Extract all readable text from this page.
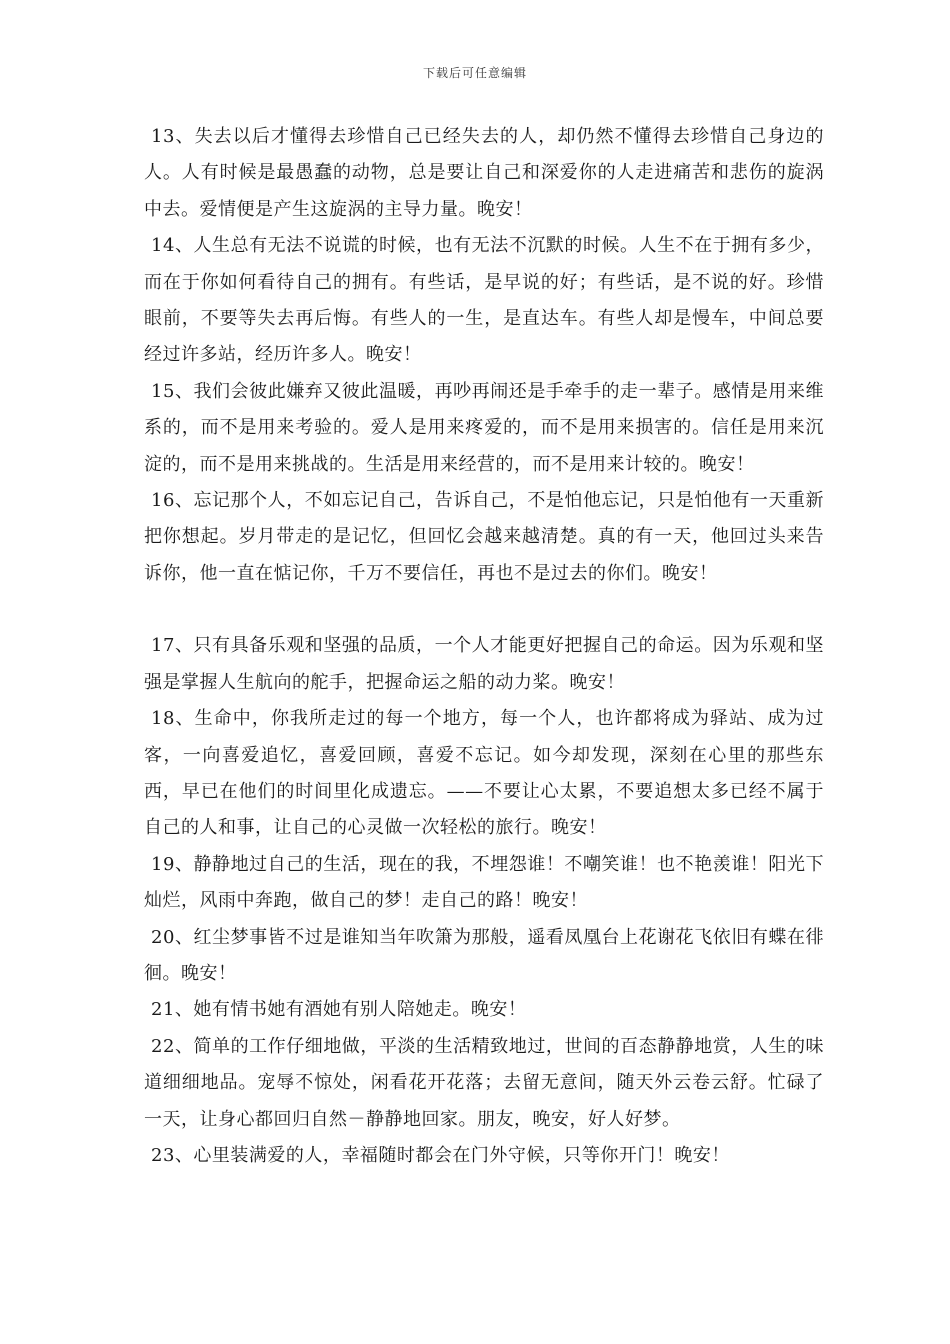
下载后可任意编辑

13、失去以后才懂得去珍惜自己已经失去的人，却仍然不懂得去珍惜自己身边的人。人有时候是最愚蠢的动物，总是要让自己和深爱你的人走进痛苦和悲伤的旋涡中去。爱情便是产生这旋涡的主导力量。晚安！

14、人生总有无法不说谎的时候，也有无法不沉默的时候。人生不在于拥有多少，而在于你如何看待自己的拥有。有些话，是早说的好；有些话，是不说的好。珍惜眼前，不要等失去再后悔。有些人的一生，是直达车。有些人却是慢车，中间总要经过许多站，经历许多人。晚安！

15、我们会彼此嫌弃又彼此温暖，再吵再闹还是手牵手的走一辈子。感情是用来维系的，而不是用来考验的。爱人是用来疼爱的，而不是用来损害的。信任是用来沉淀的，而不是用来挑战的。生活是用来经营的，而不是用来计较的。晚安！

16、忘记那个人，不如忘记自己，告诉自己，不是怕他忘记，只是怕他有一天重新把你想起。岁月带走的是记忆，但回忆会越来越清楚。真的有一天，他回过头来告诉你，他一直在惦记你，千万不要信任，再也不是过去的你们。晚安！

17、只有具备乐观和坚强的品质，一个人才能更好把握自己的命运。因为乐观和坚强是掌握人生航向的舵手，把握命运之船的动力桨。晚安！

18、生命中，你我所走过的每一个地方，每一个人，也许都将成为驿站、成为过客，一向喜爱追忆，喜爱回顾，喜爱不忘记。如今却发现，深刻在心里的那些东西，早已在他们的时间里化成遗忘。——不要让心太累，不要追想太多已经不属于自己的人和事，让自己的心灵做一次轻松的旅行。晚安！

19、静静地过自己的生活，现在的我，不埋怨谁！不嘲笑谁！也不艳羡谁！阳光下灿烂，风雨中奔跑，做自己的梦！走自己的路！晚安！

20、红尘梦事皆不过是谁知当年吹箫为那般，遥看凤凰台上花谢花飞依旧有蝶在徘徊。晚安！

21、她有情书她有酒她有别人陪她走。晚安！

22、简单的工作仔细地做，平淡的生活精致地过，世间的百态静静地赏，人生的味道细细地品。宠辱不惊处，闲看花开花落；去留无意间，随天外云卷云舒。忙碌了一天，让身心都回归自然－静静地回家。朋友，晚安，好人好梦。

23、心里装满爱的人，幸福随时都会在门外守候，只等你开门！晚安！
